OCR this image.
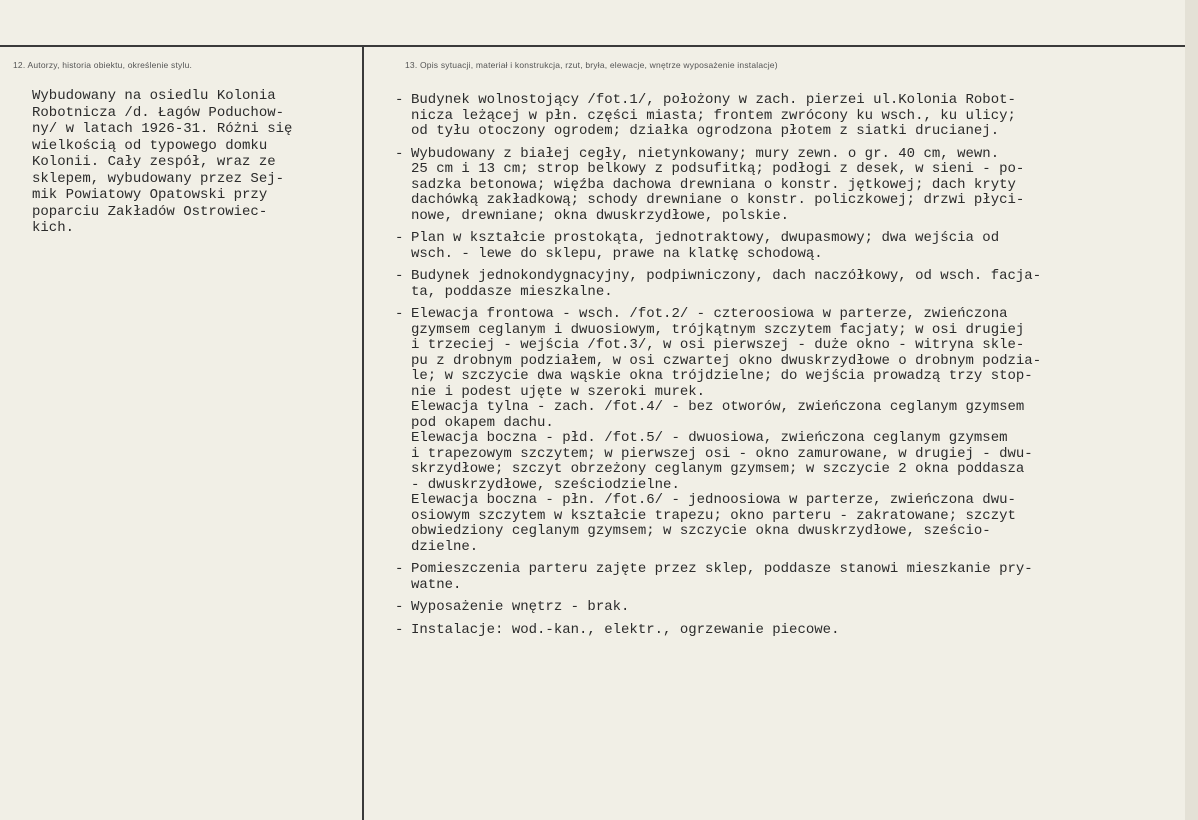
12. Autorzy, historia obiektu, określenie stylu.	13. Opis sytuacji, materiał i konstrukcja, rzut, bryła, elewacje, wnętrze wyposażenie instalacje)
Wybudowany na osiedlu Kolonia
Robotnicza /d. Łagów Poduchow-
ny/ w latach 1926-31. Różni się
wielkością od typowego domku
Kolonii. Cały zespół, wraz ze
sklepem, wybudowany przez Sej-
mik Powiatowy Opatowski przy
poparciu Zakładów Ostrowiec-
kich.
- Budynek wolnostojący /fot.1/, położony w zach. pierzei ul.Kolonia Robot-
nicza leżącej w płn. części miasta; frontem zwrócony ku wsch., ku ulicy;
od tyłu otoczony ogrodem; działka ogrodzona płotem z siatki drucianej.
- Wybudowany z białej cegły, nietynkowany; mury zewn. o gr. 40 cm, wewn.
25 cm i 13 cm; strop belkowy z podsufitką; podłogi z desek, w sieni - po-
sadzka betonowa; więźba dachowa drewniana o konstr. jętkowej; dach kryty
dachówką zakładkową; schody drewniane o konstr. policzkowej; drzwi płyci-
nowe, drewniane; okna dwuskrzydłowe, polskie.
- Plan w kształcie prostokąta, jednotraktowy, dwupasmowy; dwa wejścia od
wsch. - lewe do sklepu, prawe na klatkę schodową.
- Budynek jednokondygnacyjny, podpiwniczony, dach naczółkowy, od wsch. facja-
ta, poddasze mieszkalne.
- Elewacja frontowa - wsch. /fot.2/ - czteroosiowa w parterze, zwieńczona
gzymsem ceglanym i dwuosiowym, trójkątnym szczytem facjaty; w osi drugiej
i trzeciej - wejścia /fot.3/, w osi pierwszej - duże okno - witryna skle-
pu z drobnym podziałem, w osi czwartej okno dwuskrzydłowe o drobnym podzia-
le; w szczycie dwa wąskie okna trójdzielne; do wejścia prowadzą trzy stop-
nie i podest ujęte w szeroki murek.
Elewacja tylna - zach. /fot.4/ - bez otworów, zwieńczona ceglanym gzymsem
pod okapem dachu.
Elewacja boczna - płd. /fot.5/ - dwuosiowa, zwieńczona ceglanym gzymsem
i trapezowym szczytem; w pierwszej osi - okno zamurowane, w drugiej - dwu-
skrzydłowe; szczyt obrzeżony ceglanym gzymsem; w szczycie 2 okna poddasza
- dwuskrzydłowe, sześciodzielne.
Elewacja boczna - płn. /fot.6/ - jednoosiowa w parterze, zwieńczona dwu-
osiowym szczytem w kształcie trapezu; okno parteru - zakratowane; szczyt
obwiedziony ceglanym gzymsem; w szczycie okna dwuskrzydłowe, sześcio-
dzielne.
- Pomieszczenia parteru zajęte przez sklep, poddasze stanowi mieszkanie pry-
watne.
- Wyposażenie wnętrz - brak.
- Instalacje: wod.-kan., elektr., ogrzewanie piecowe.
